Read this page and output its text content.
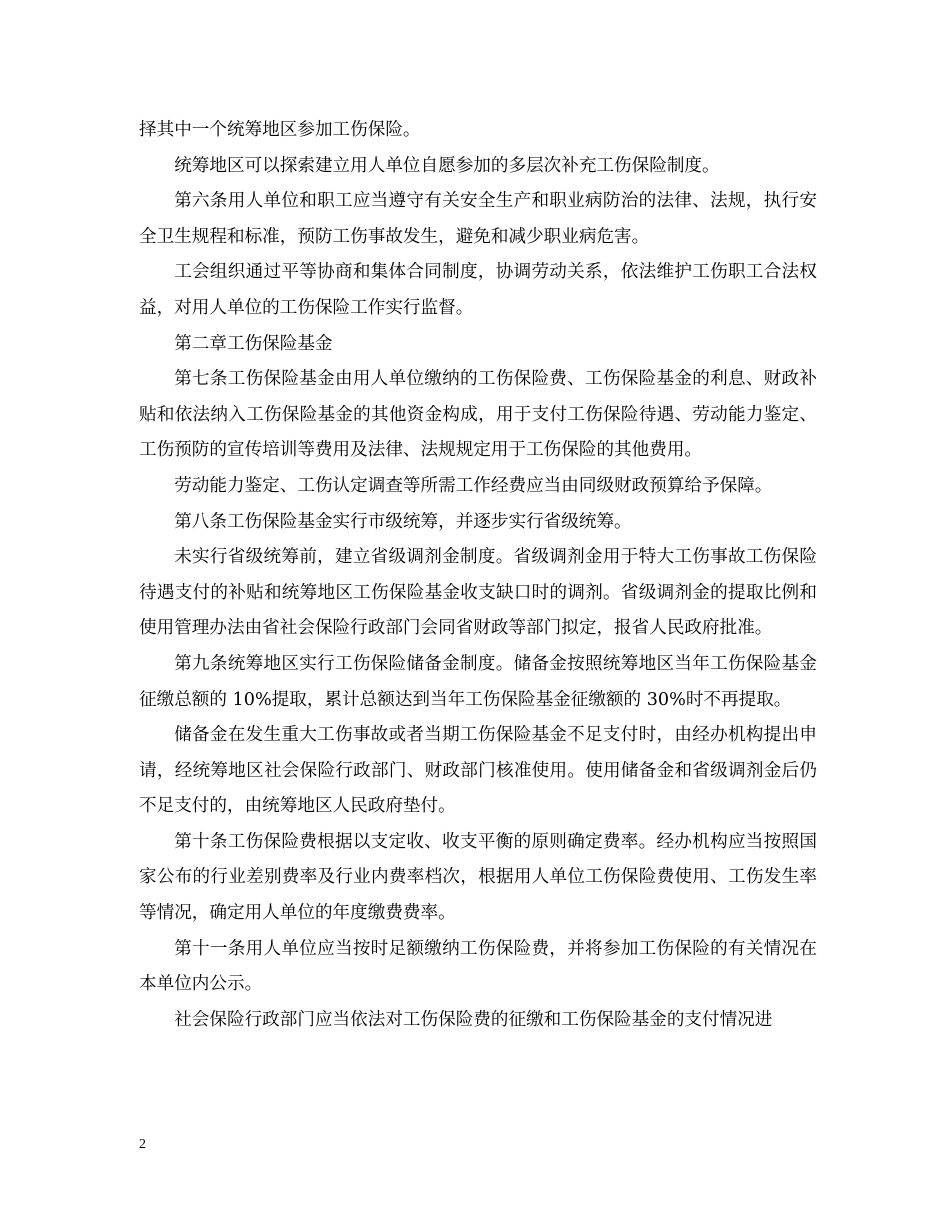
择其中一个统筹地区参加工伤保险。

统筹地区可以探索建立用人单位自愿参加的多层次补充工伤保险制度。

第六条用人单位和职工应当遵守有关安全生产和职业病防治的法律、法规，执行安全卫生规程和标准，预防工伤事故发生，避免和减少职业病危害。

工会组织通过平等协商和集体合同制度，协调劳动关系，依法维护工伤职工合法权益，对用人单位的工伤保险工作实行监督。

第二章工伤保险基金

第七条工伤保险基金由用人单位缴纳的工伤保险费、工伤保险基金的利息、财政补贴和依法纳入工伤保险基金的其他资金构成，用于支付工伤保险待遇、劳动能力鉴定、工伤预防的宣传培训等费用及法律、法规规定用于工伤保险的其他费用。

劳动能力鉴定、工伤认定调查等所需工作经费应当由同级财政预算给予保障。

第八条工伤保险基金实行市级统筹，并逐步实行省级统筹。

未实行省级统筹前，建立省级调剂金制度。省级调剂金用于特大工伤事故工伤保险待遇支付的补贴和统筹地区工伤保险基金收支缺口时的调剂。省级调剂金的提取比例和使用管理办法由省社会保险行政部门会同省财政等部门拟定，报省人民政府批准。

第九条统筹地区实行工伤保险储备金制度。储备金按照统筹地区当年工伤保险基金征缴总额的 10%提取，累计总额达到当年工伤保险基金征缴额的 30%时不再提取。

储备金在发生重大工伤事故或者当期工伤保险基金不足支付时，由经办机构提出申请，经统筹地区社会保险行政部门、财政部门核准使用。使用储备金和省级调剂金后仍不足支付的，由统筹地区人民政府垫付。

第十条工伤保险费根据以支定收、收支平衡的原则确定费率。经办机构应当按照国家公布的行业差别费率及行业内费率档次，根据用人单位工伤保险费使用、工伤发生率等情况，确定用人单位的年度缴费费率。

第十一条用人单位应当按时足额缴纳工伤保险费，并将参加工伤保险的有关情况在本单位内公示。

社会保险行政部门应当依法对工伤保险费的征缴和工伤保险基金的支付情况进

2
